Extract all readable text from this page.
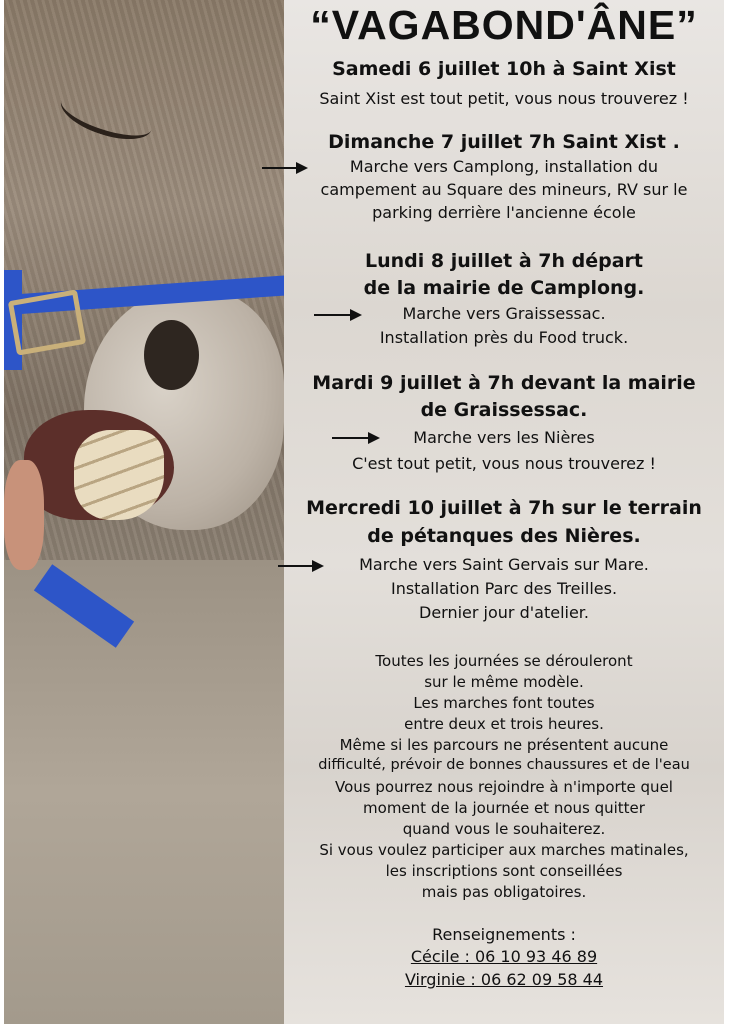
“VAGABOND'ÂNE”
Samedi 6 juillet 10h à Saint Xist
Saint Xist est tout petit, vous nous trouverez !
Dimanche 7 juillet 7h Saint Xist .
Marche vers Camplong, installation du
campement au Square des mineurs, RV sur le
parking derrière l'ancienne école
Lundi 8 juillet à 7h départ
de la mairie de Camplong.
Marche vers Graissessac.
Installation près du Food truck.
Mardi 9 juillet à 7h devant la mairie
de Graissessac.
Marche vers les Nières
C'est tout petit, vous nous trouverez !
Mercredi 10 juillet à 7h sur le terrain
de pétanques des Nières.
Marche vers Saint Gervais sur Mare.
Installation Parc des Treilles.
Dernier jour d'atelier.
Toutes les journées se dérouleront
sur le même modèle.
Les marches font toutes
entre deux et trois heures.
Même si les parcours ne présentent aucune
difficulté, prévoir de bonnes chaussures et de l'eau
Vous pourrez nous rejoindre à n'importe quel
moment de la journée et nous quitter
quand vous le souhaiterez.
Si vous voulez participer aux marches matinales,
les inscriptions sont conseillées
mais pas obligatoires.
Renseignements :
Cécile : 06 10 93 46 89
Virginie : 06 62 09 58 44
